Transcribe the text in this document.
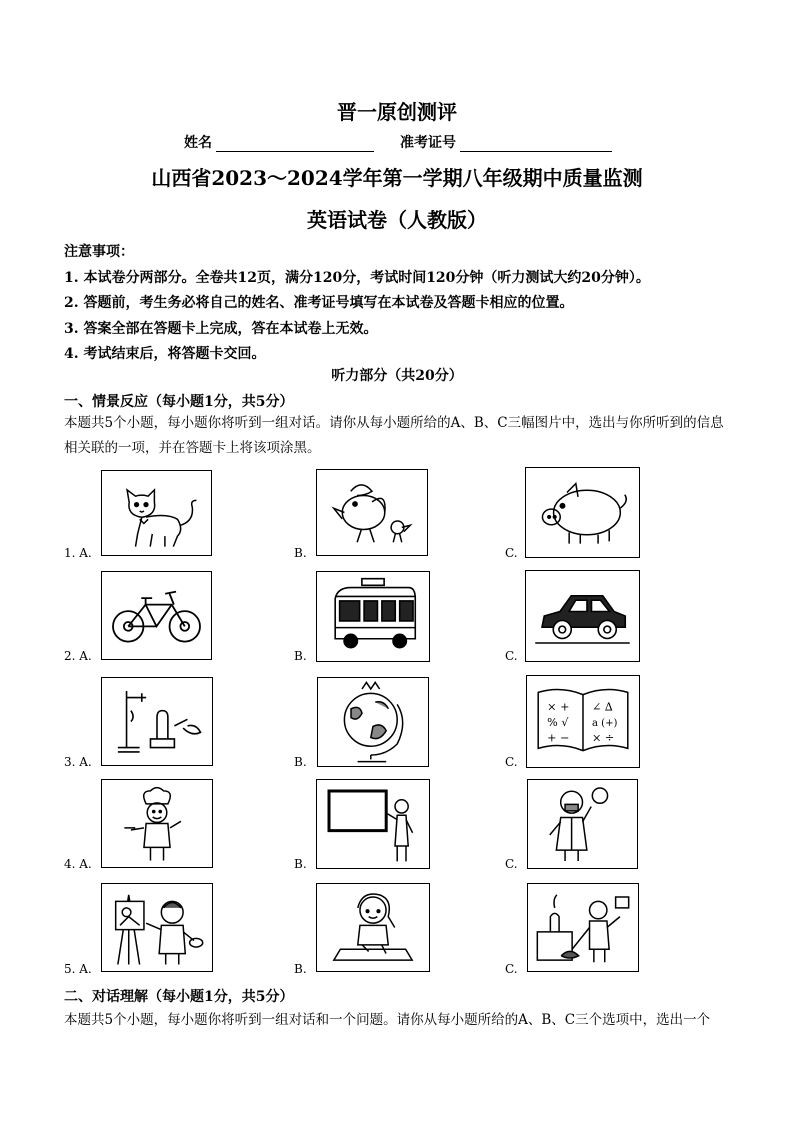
晋一原创测评
姓名	准考证号
山西省2023～2024学年第一学期八年级期中质量监测
英语试卷（人教版）
注意事项：
1. 本试卷分两部分。全卷共12页，满分120分，考试时间120分钟（听力测试大约20分钟）。
2. 答题前，考生务必将自己的姓名、准考证号填写在本试卷及答题卡相应的位置。
3. 答案全部在答题卡上完成，答在本试卷上无效。
4. 考试结束后，将答题卡交回。
听力部分（共20分）
一、情景反应（每小题1分，共5分）
本题共5个小题，每小题你将听到一组对话。请你从每小题所给的A、B、C三幅图片中，选出与你所听到的信息相关联的一项，并在答题卡上将该项涂黑。
1. A.	B.	C.
2. A.	B.	C.
3. A.	B.	C.
× +
% √
+ −
∠ ∆
a (+)
× ÷
4. A.	B.	C.
5. A.	B.	C.
二、对话理解（每小题1分，共5分）
本题共5个小题，每小题你将听到一组对话和一个问题。请你从每小题所给的A、B、C三个选项中，选出一个
